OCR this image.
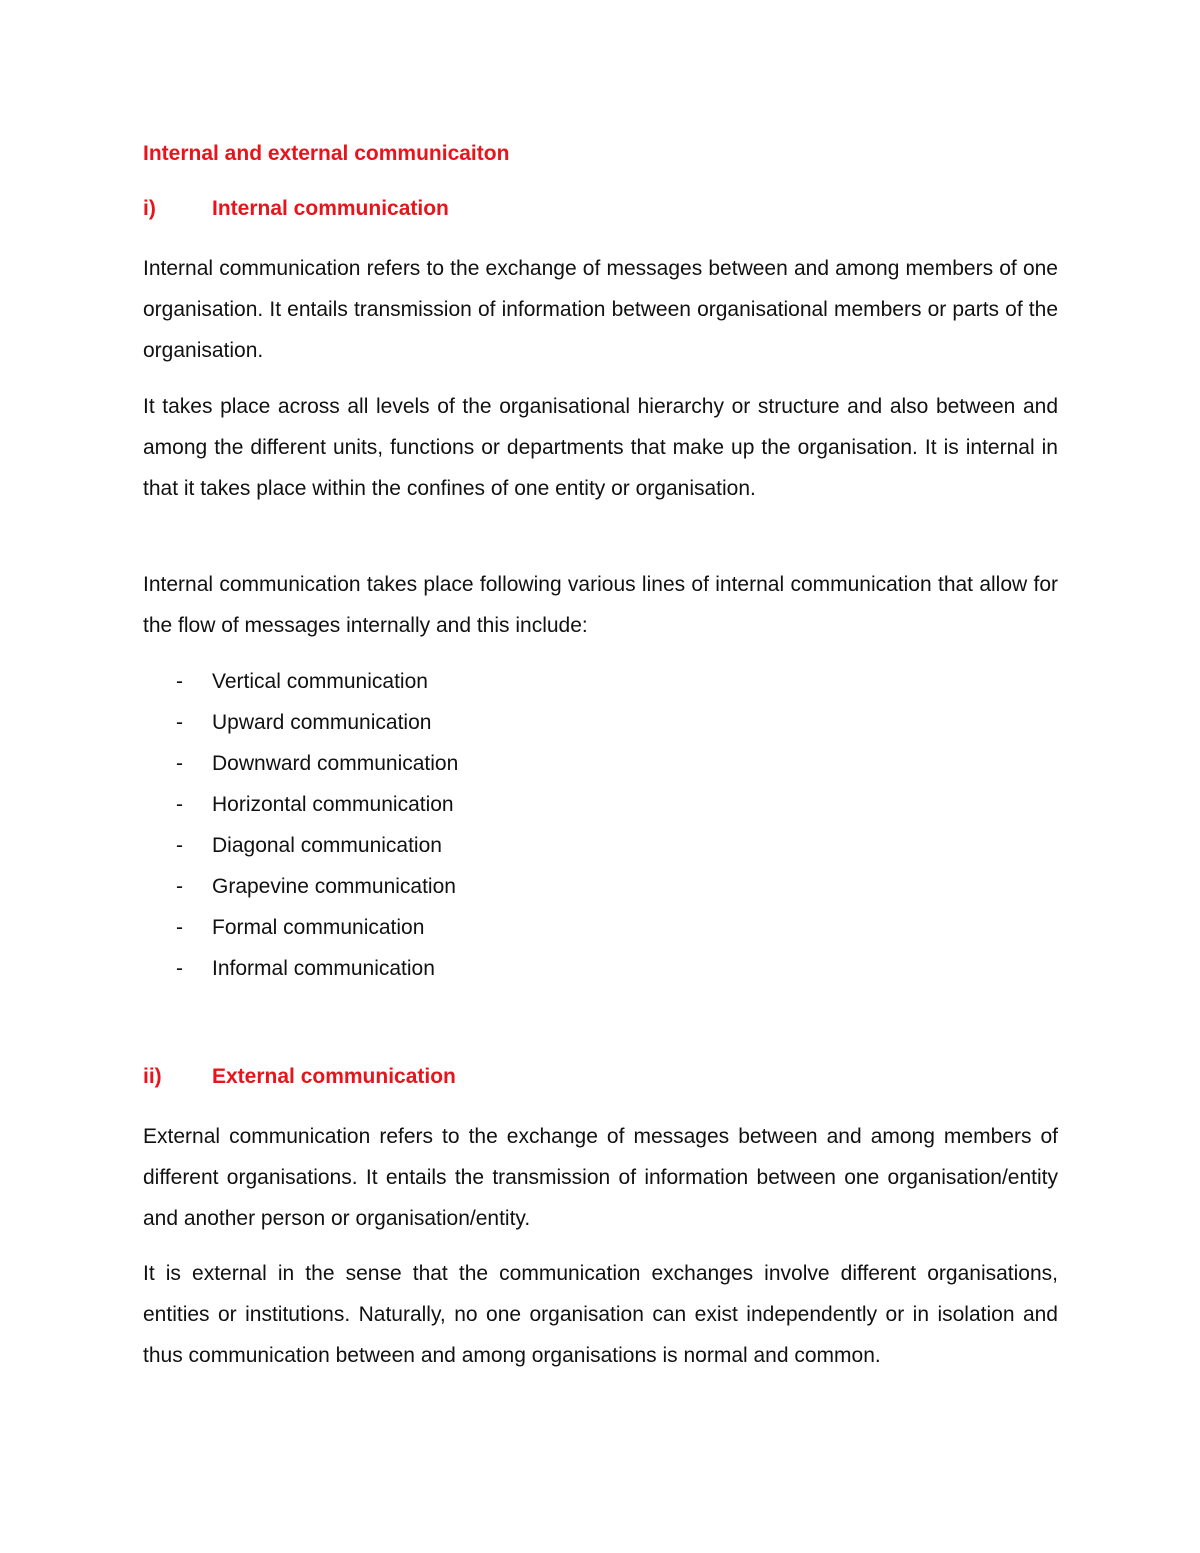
Internal and external communicaiton
i)	Internal communication

Internal communication refers to the exchange of messages between and among members of one organisation. It entails transmission of information between organisational members or parts of the organisation.

It takes place across all levels of the organisational hierarchy or structure and also between and among the different units, functions or departments that make up the organisation. It is internal in that it takes place within the confines of one entity or organisation.

Internal communication takes place following various lines of internal communication that allow for the flow of messages internally and this include:

- Vertical communication
- Upward communication
- Downward communication
- Horizontal communication
- Diagonal communication
- Grapevine communication
- Formal communication
- Informal communication
ii) External communication

External communication refers to the exchange of messages between and among members of different organisations. It entails the transmission of information between one organisation/entity and another person or organisation/entity.

It is external in the sense that the communication exchanges involve different organisations, entities or institutions. Naturally, no one organisation can exist independently or in isolation and thus communication between and among organisations is normal and common.
